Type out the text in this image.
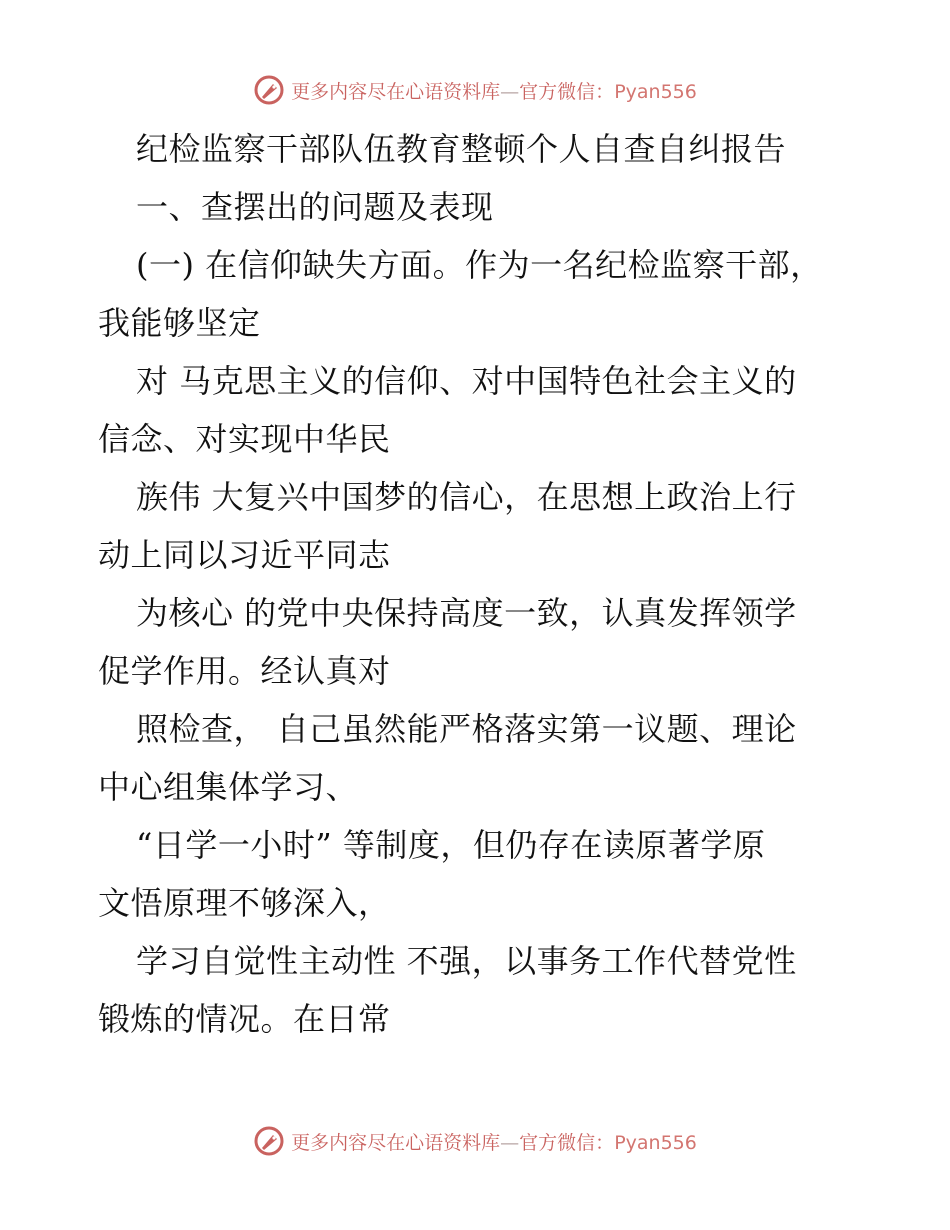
更多内容尽在心语资料库—官方微信：Pyan556
纪检监察干部队伍教育整顿个人自查自纠报告
一、查摆出的问题及表现
(一) 在信仰缺失方面。作为一名纪检监察干部，
我能够坚定
对 马克思主义的信仰、对中国特色社会主义的
信念、对实现中华民
族伟 大复兴中国梦的信心，在思想上政治上行
动上同以习近平同志
为核心 的党中央保持高度一致，认真发挥领学
促学作用。经认真对
照检查， 自己虽然能严格落实第一议题、理论
中心组集体学习、
“日学一小时” 等制度，但仍存在读原著学原
文悟原理不够深入，
学习自觉性主动性 不强，以事务工作代替党性
锻炼的情况。在日常
更多内容尽在心语资料库—官方微信：Pyan556
